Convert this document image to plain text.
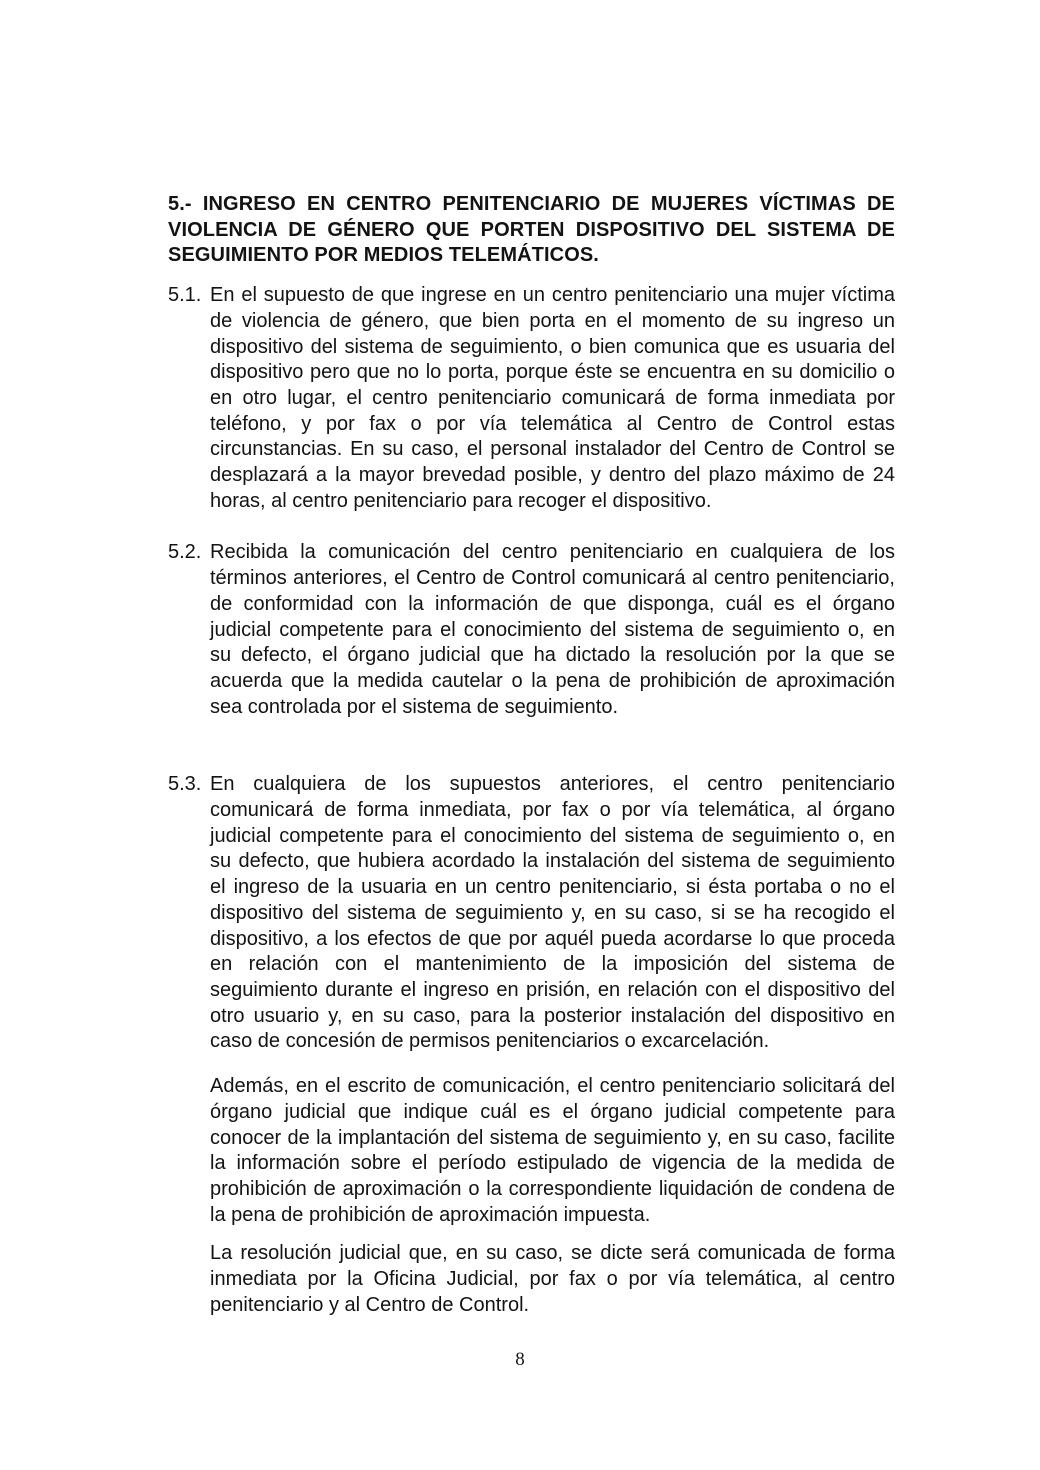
5.- INGRESO EN CENTRO PENITENCIARIO DE MUJERES VÍCTIMAS DE VIOLENCIA DE GÉNERO QUE PORTEN DISPOSITIVO DEL SISTEMA DE SEGUIMIENTO POR MEDIOS TELEMÁTICOS.
5.1. En el supuesto de que ingrese en un centro penitenciario una mujer víctima de violencia de género, que bien porta en el momento de su ingreso un dispositivo del sistema de seguimiento, o bien comunica que es usuaria del dispositivo pero que no lo porta, porque éste se encuentra en su domicilio o en otro lugar, el centro penitenciario comunicará de forma inmediata por teléfono, y por fax o por vía telemática al Centro de Control estas circunstancias. En su caso, el personal instalador del Centro de Control se desplazará a la mayor brevedad posible, y dentro del plazo máximo de 24 horas, al centro penitenciario para recoger el dispositivo.

5.2. Recibida la comunicación del centro penitenciario en cualquiera de los términos anteriores, el Centro de Control comunicará al centro penitenciario, de conformidad con la información de que disponga, cuál es el órgano judicial competente para el conocimiento del sistema de seguimiento o, en su defecto, el órgano judicial que ha dictado la resolución por la que se acuerda que la medida cautelar o la pena de prohibición de aproximación sea controlada por el sistema de seguimiento.

5.3. En cualquiera de los supuestos anteriores, el centro penitenciario comunicará de forma inmediata, por fax o por vía telemática, al órgano judicial competente para el conocimiento del sistema de seguimiento o, en su defecto, que hubiera acordado la instalación del sistema de seguimiento el ingreso de la usuaria en un centro penitenciario, si ésta portaba o no el dispositivo del sistema de seguimiento y, en su caso, si se ha recogido el dispositivo, a los efectos de que por aquél pueda acordarse lo que proceda en relación con el mantenimiento de la imposición del sistema de seguimiento durante el ingreso en prisión, en relación con el dispositivo del otro usuario y, en su caso, para la posterior instalación del dispositivo en caso de concesión de permisos penitenciarios o excarcelación.

Además, en el escrito de comunicación, el centro penitenciario solicitará del órgano judicial que indique cuál es el órgano judicial competente para conocer de la implantación del sistema de seguimiento y, en su caso, facilite la información sobre el período estipulado de vigencia de la medida de prohibición de aproximación o la correspondiente liquidación de condena de la pena de prohibición de aproximación impuesta.

La resolución judicial que, en su caso, se dicte será comunicada de forma inmediata por la Oficina Judicial, por fax o por vía telemática, al centro penitenciario y al Centro de Control.

8
